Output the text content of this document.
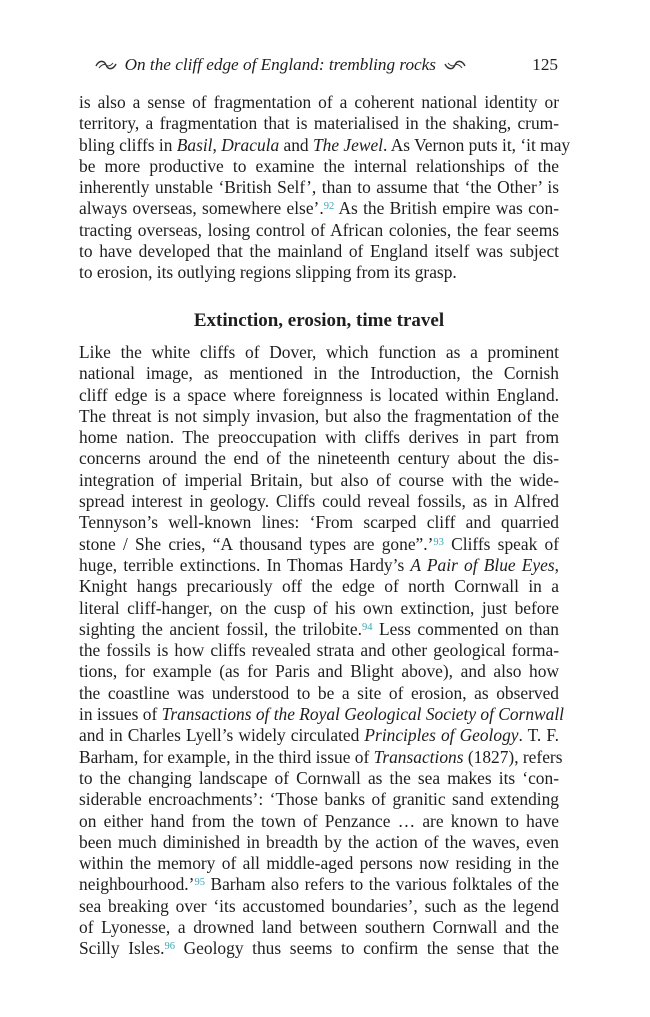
On the cliff edge of England: trembling rocks	125
is also a sense of fragmentation of a coherent national identity or
territory, a fragmentation that is materialised in the shaking, crum-
bling cliffs in Basil, Dracula and The Jewel. As Vernon puts it, ‘it may
be more productive to examine the internal relationships of the
inherently unstable ‘British Self’, than to assume that ‘the Other’ is
always overseas, somewhere else’.$^{92}$ As the British empire was con-
tracting overseas, losing control of African colonies, the fear seems
to have developed that the mainland of England itself was subject
to erosion, its outlying regions slipping from its grasp.
Extinction, erosion, time travel
Like the white cliffs of Dover, which function as a prominent
national image, as mentioned in the Introduction, the Cornish
cliff edge is a space where foreignness is located within England.
The threat is not simply invasion, but also the fragmentation of the
home nation. The preoccupation with cliffs derives in part from
concerns around the end of the nineteenth century about the dis-
integration of imperial Britain, but also of course with the wide-
spread interest in geology. Cliffs could reveal fossils, as in Alfred
Tennyson’s well-known lines: ‘From scarped cliff and quarried
stone / She cries, “A thousand types are gone”.’$^{93}$ Cliffs speak of
huge, terrible extinctions. In Thomas Hardy’s A Pair of Blue Eyes,
Knight hangs precariously off the edge of north Cornwall in a
literal cliff-hanger, on the cusp of his own extinction, just before
sighting the ancient fossil, the trilobite.$^{94}$ Less commented on than
the fossils is how cliffs revealed strata and other geological forma-
tions, for example (as for Paris and Blight above), and also how
the coastline was understood to be a site of erosion, as observed
in issues of Transactions of the Royal Geological Society of Cornwall
and in Charles Lyell’s widely circulated Principles of Geology. T. F.
Barham, for example, in the third issue of Transactions (1827), refers
to the changing landscape of Cornwall as the sea makes its ‘con-
siderable encroachments’: ‘Those banks of granitic sand extending
on either hand from the town of Penzance … are known to have
been much diminished in breadth by the action of the waves, even
within the memory of all middle-aged persons now residing in the
neighbourhood.’$^{95}$ Barham also refers to the various folktales of the
sea breaking over ‘its accustomed boundaries’, such as the legend
of Lyonesse, a drowned land between southern Cornwall and the
Scilly Isles.$^{96}$ Geology thus seems to confirm the sense that the
